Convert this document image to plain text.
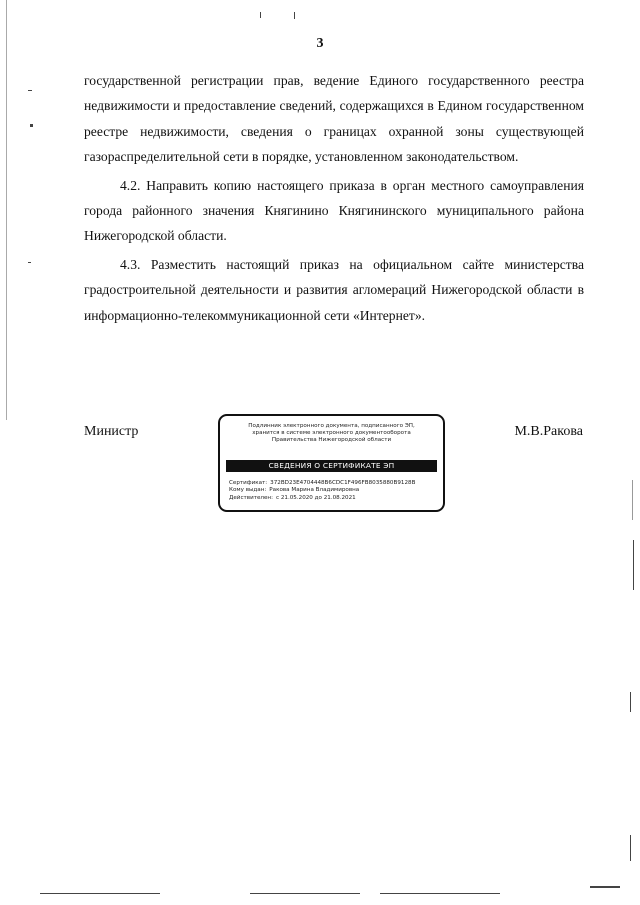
3

государственной регистрации прав, ведение Единого государственного реестра недвижимости и предоставление сведений, содержащихся в Едином государственном реестре недвижимости, сведения о границах охранной зоны существующей газораспределительной сети в порядке, установленном законодательством.

4.2. Направить копию настоящего приказа в орган местного самоуправления города районного значения Княгинино Княгининского муниципального района Нижегородской области.

4.3. Разместить настоящий приказ на официальном сайте министерства градостроительной деятельности и развития агломераций Нижегородской области в информационно-телекоммуникационной сети «Интернет».

Министр	М.В.Ракова
Подлинник электронного документа, подписанного ЭП,
хранится в системе электронного документооборота
Правительства Нижегородской области
СВЕДЕНИЯ О СЕРТИФИКАТЕ ЭП
Сертификат: 372BD23E4704448B6CDC1F496FB8035880B9128B
Кому выдан: Ракова Марина Владимировна
Действителен: с 21.05.2020 до 21.08.2021
